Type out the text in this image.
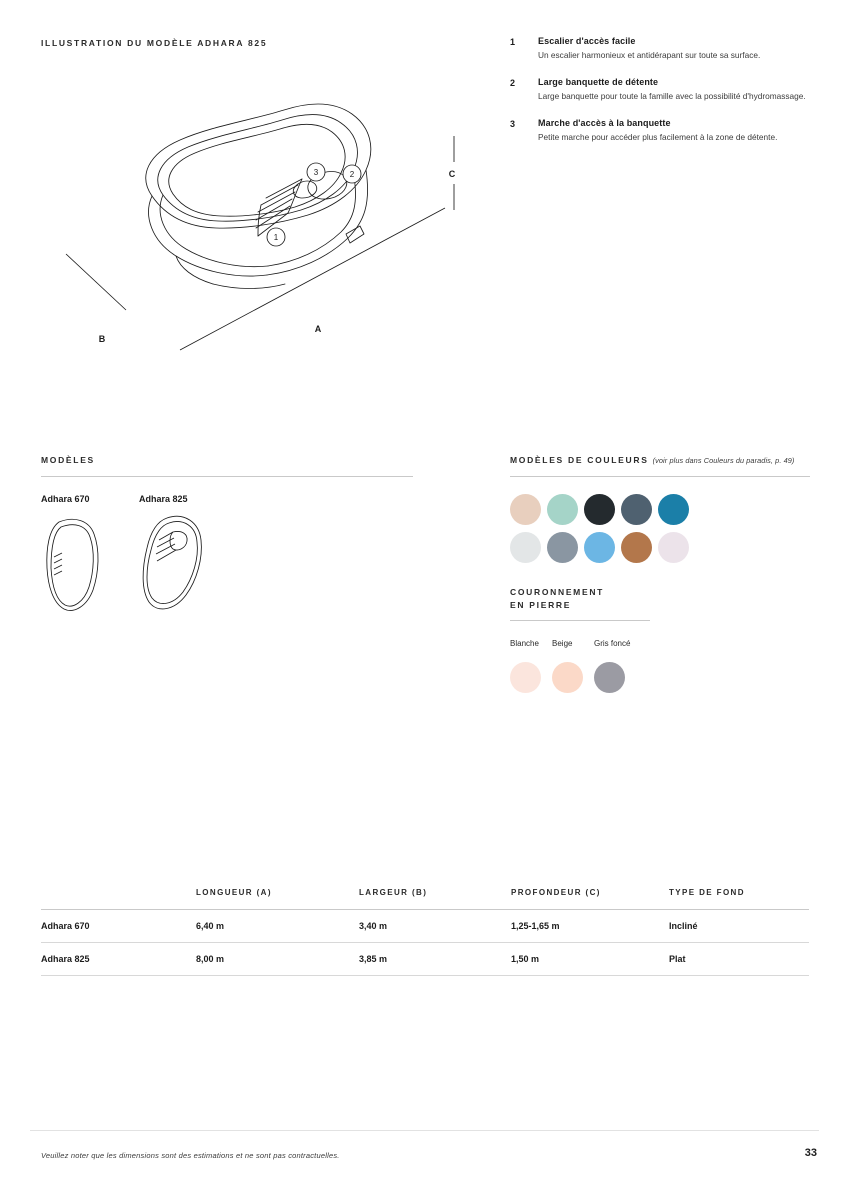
ILLUSTRATION DU MODÈLE ADHARA 825
1
2
3
A
B
C
1	Escalier d'accès facile
Un escalier harmonieux et antidérapant sur toute sa surface.
2	Large banquette de détente
Large banquette pour toute la famille avec la possibilité d'hydromassage.
3	Marche d'accès à la banquette
Petite marche pour accéder plus facilement à la zone de détente.
MODÈLES
Adhara 670	Adhara 825
MODÈLES DE COULEURS (voir plus dans Couleurs du paradis, p. 49)
COURONNEMENT
EN PIERRE
Blanche	Beige	Gris foncé
	LONGUEUR (A)	LARGEUR (B)	PROFONDEUR (C)	TYPE DE FOND
Adhara 670	6,40 m	3,40 m	1,25-1,65 m	Incliné
Adhara 825	8,00 m	3,85 m	1,50 m	Plat
Veuillez noter que les dimensions sont des estimations et ne sont pas contractuelles.	33
